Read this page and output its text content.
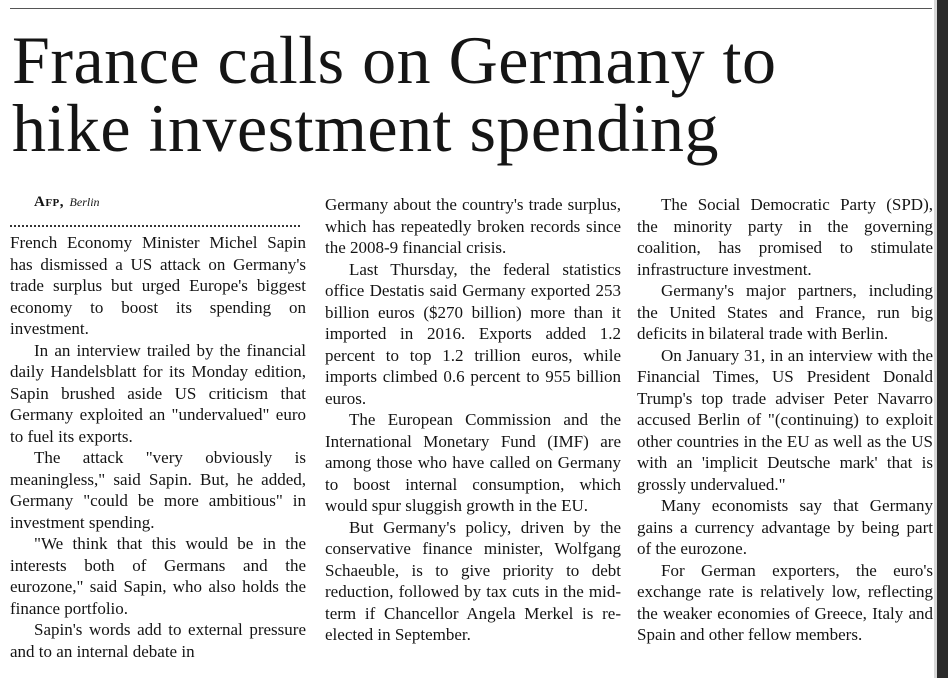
France calls on Germany to
hike investment spending

Afp, Berlin

French Economy Minister Michel Sapin has dismissed a US attack on Germany's trade surplus but urged Europe's biggest economy to boost its spending on investment.

In an interview trailed by the financial daily Handelsblatt for its Monday edition, Sapin brushed aside US criticism that Germany exploited an "undervalued" euro to fuel its exports.

The attack "very obviously is meaningless," said Sapin. But, he added, Germany "could be more ambitious" in investment spending.

"We think that this would be in the interests both of Germans and the eurozone," said Sapin, who also holds the finance portfolio.

Sapin's words add to external pressure and to an internal debate in

Germany about the country's trade surplus, which has repeatedly broken records since the 2008-9 financial crisis.

Last Thursday, the federal statistics office Destatis said Germany exported 253 billion euros ($270 billion) more than it imported in 2016. Exports added 1.2 percent to top 1.2 trillion euros, while imports climbed 0.6 percent to 955 billion euros.

The European Commission and the International Monetary Fund (IMF) are among those who have called on Germany to boost internal consumption, which would spur sluggish growth in the EU.

But Germany's policy, driven by the conservative finance minister, Wolfgang Schaeuble, is to give priority to debt reduction, followed by tax cuts in the mid-term if Chancellor Angela Merkel is re-elected in September.

The Social Democratic Party (SPD), the minority party in the governing coalition, has promised to stimulate infrastructure investment.

Germany's major partners, including the United States and France, run big deficits in bilateral trade with Berlin.

On January 31, in an interview with the Financial Times, US President Donald Trump's top trade adviser Peter Navarro accused Berlin of "(continuing) to exploit other countries in the EU as well as the US with an 'implicit Deutsche mark' that is grossly undervalued."

Many economists say that Germany gains a currency advantage by being part of the eurozone.

For German exporters, the euro's exchange rate is relatively low, reflecting the weaker economies of Greece, Italy and Spain and other fellow members.
